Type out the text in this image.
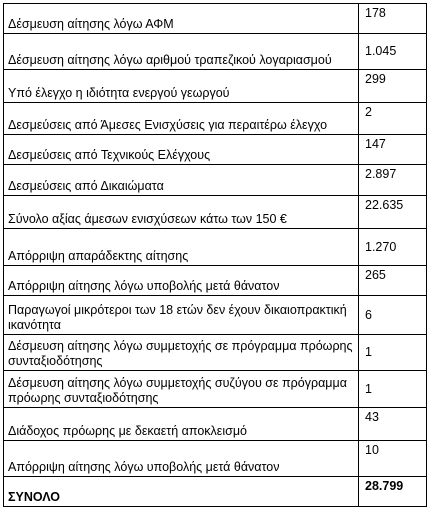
Δέσμευση αίτησης λόγω ΑΦΜ	178
Δέσμευση αίτησης λόγω αριθμού τραπεζικού λογαριασμού	1.045
Υπό έλεγχο η ιδιότητα ενεργού γεωργού	299
Δεσμεύσεις από Άμεσες Ενισχύσεις για περαιτέρω έλεγχο	2
Δεσμεύσεις από Τεχνικούς Ελέγχους	147
Δεσμεύσεις από Δικαιώματα	2.897
Σύνολο αξίας άμεσων ενισχύσεων κάτω των 150 €	22.635
Απόρριψη απαράδεκτης αίτησης	1.270
Απόρριψη αίτησης λόγω υποβολής μετά θάνατον	265
Παραγωγοί μικρότεροι των 18 ετών δεν έχουν δικαιοπρακτική ικανότητα	6
Δέσμευση αίτησης λόγω συμμετοχής σε πρόγραμμα πρόωρης συνταξιοδότησης	1
Δέσμευση αίτησης λόγω συμμετοχής συζύγου σε πρόγραμμα πρόωρης συνταξιοδότησης	1
Διάδοχος πρόωρης με δεκαετή αποκλεισμό	43
Απόρριψη αίτησης λόγω υποβολής μετά θάνατον	10
ΣΥΝΟΛΟ	28.799
